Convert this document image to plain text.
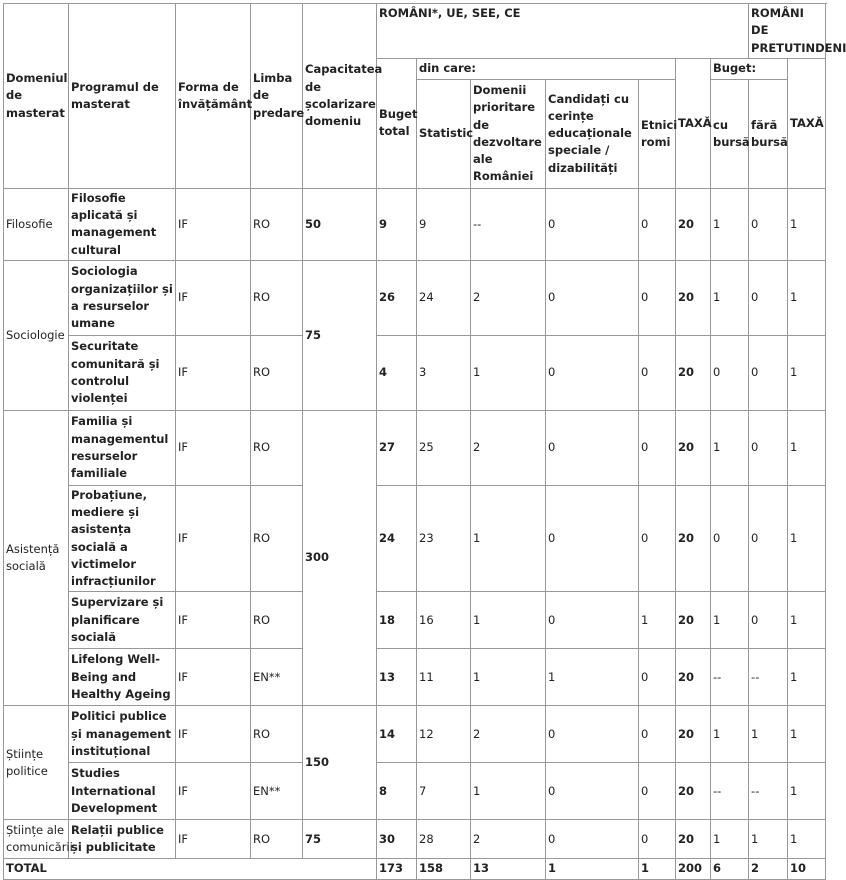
Domeniul de masterat	Programul de masterat	Forma de învățământ	Limba de predare	Capacitatea de școlarizare domeniu	ROMÂNI*, UE, SEE, CE							ROMÂNI DE PRETUTINDENI	
					Buget total	din care:				TAXĂ	Buget:		TAXĂ
						Statistic	Domenii prioritare de dezvoltare ale României	Candidați cu cerințe educaționale speciale / dizabilități	Etnici romi		cu bursă	fără bursă	
Filosofie	Filosofie aplicată și management cultural	IF	RO	50	9	9	--	0	0	20	1	0	1
Sociologie	Sociologia organizațiilor și a resurselor umane	IF	RO	75	26	24	2	0	0	20	1	0	1
	Securitate comunitară și controlul violenței	IF	RO		4	3	1	0	0	20	0	0	1
Asistență socială	Familia și managementul resurselor familiale	IF	RO	300	27	25	2	0	0	20	1	0	1
	Probațiune, mediere și asistența socială a victimelor infracțiunilor	IF	RO		24	23	1	0	0	20	0	0	1
	Supervizare și planificare socială	IF	RO		18	16	1	0	1	20	1	0	1
	Lifelong Well-Being and Healthy Ageing	IF	EN**		13	11	1	1	0	20	--	--	1
Științe politice	Politici publice și management instituțional	IF	RO	150	14	12	2	0	0	20	1	1	1
	Studies International Development	IF	EN**		8	7	1	0	0	20	--	--	1
Științe ale comunicării	Relații publice și publicitate	IF	RO	75	30	28	2	0	0	20	1	1	1
TOTAL					173	158	13	1	1	200	6	2	10
